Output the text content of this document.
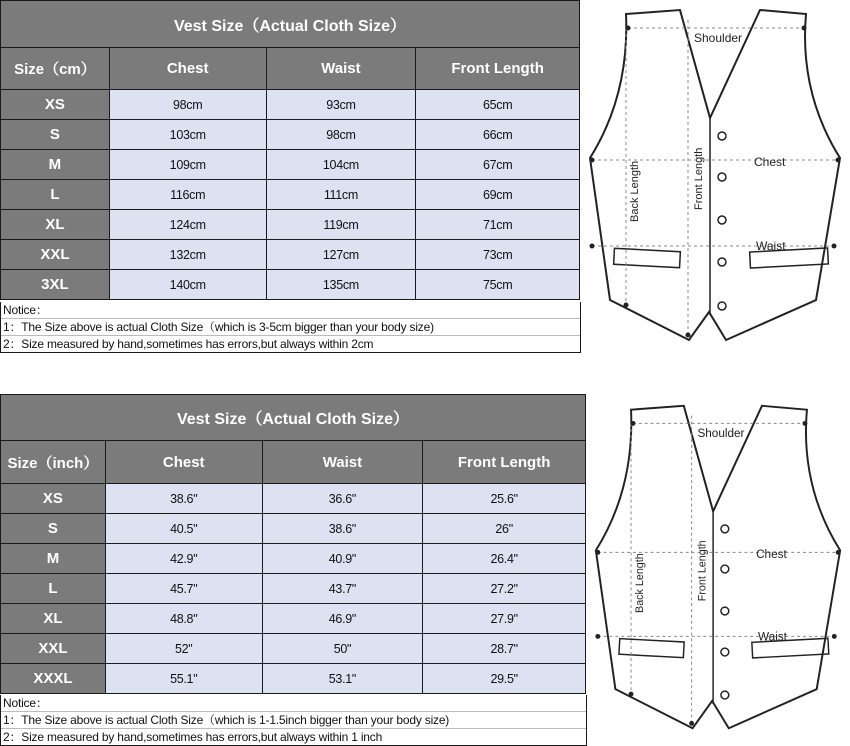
Vest Size（Actual Cloth Size）			
Size（cm）	Chest	Waist	Front Length
XS	98cm	93cm	65cm
S	103cm	98cm	66cm
M	109cm	104cm	67cm
L	116cm	111cm	69cm
XL	124cm	119cm	71cm
XXL	132cm	127cm	73cm
3XL	140cm	135cm	75cm
Notice：
1：The Size above is actual Cloth Size（which is 3-5cm bigger than your body size)
2：Size measured by hand,sometimes has errors,but always within 2cm
Shoulder
Chest
Waist
Back Length	Front Length
Vest Size（Actual Cloth Size）			
Size（inch）	Chest	Waist	Front Length
XS	38.6"	36.6"	25.6"
S	40.5"	38.6"	26"
M	42.9"	40.9"	26.4"
L	45.7"	43.7"	27.2"
XL	48.8"	46.9"	27.9"
XXL	52"	50"	28.7"
XXXL	55.1"	53.1"	29.5"
Notice：
1：The Size above is actual Cloth Size（which is 1-1.5inch bigger than your body size)
2：Size measured by hand,sometimes has errors,but always within 1 inch
Shoulder
Chest
Waist
Back Length	Front Length
